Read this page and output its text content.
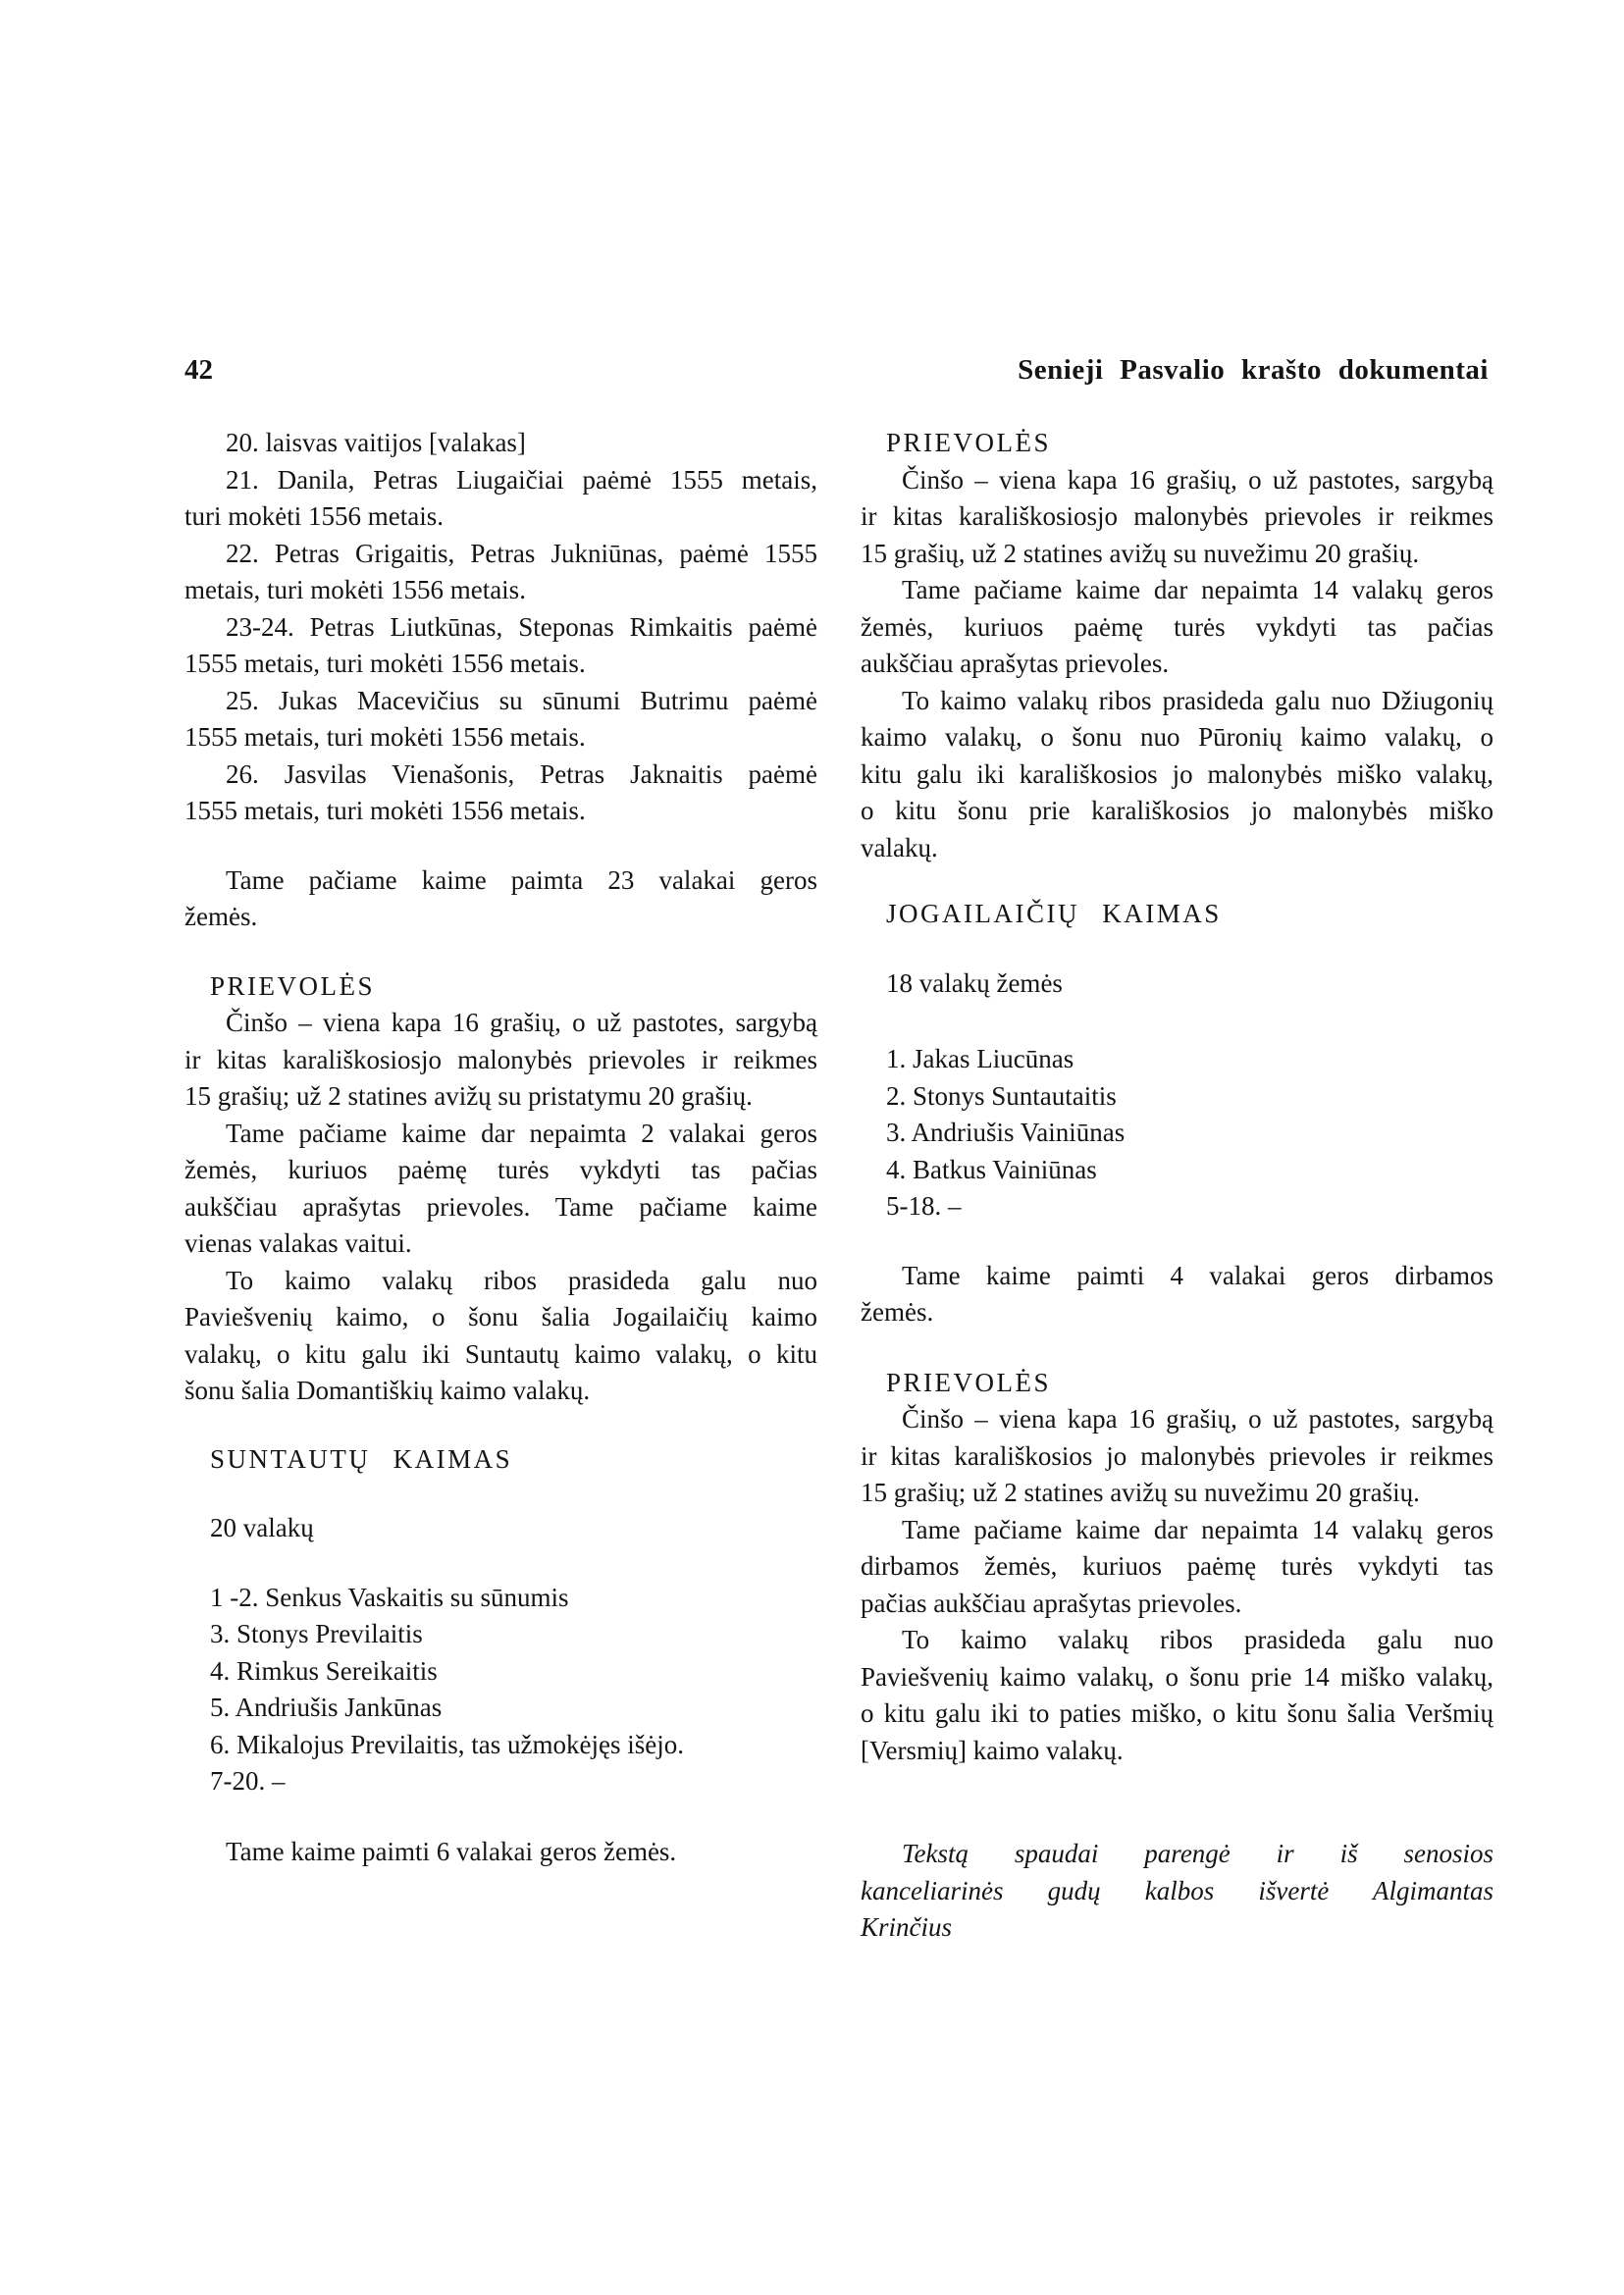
42	Senieji Pasvalio krašto dokumentai
20. laisvas vaitijos [valakas]
21. Danila, Petras Liugaičiai paėmė 1555 metais,
turi mokėti 1556 metais.
22. Petras Grigaitis, Petras Jukniūnas, paėmė 1555
metais, turi mokėti 1556 metais.
23-24. Petras Liutkūnas, Steponas Rimkaitis paėmė
1555 metais, turi mokėti 1556 metais.
25. Jukas Macevičius su sūnumi Butrimu paėmė
1555 metais, turi mokėti 1556 metais.
26. Jasvilas Vienašonis, Petras Jaknaitis paėmė
1555 metais, turi mokėti 1556 metais.
Tame pačiame kaime paimta 23 valakai geros
žemės.
PRIEVOLĖS
Činšo – viena kapa 16 grašių, o už pastotes, sargybą
ir kitas karališkosiosjo malonybės prievoles ir reikmes
15 grašių; už 2 statines avižų su pristatymu 20 grašių.
Tame pačiame kaime dar nepaimta 2 valakai geros
žemės, kuriuos paėmę turės vykdyti tas pačias
aukščiau aprašytas prievoles. Tame pačiame kaime
vienas valakas vaitui.
To kaimo valakų ribos prasideda galu nuo
Paviešvenių kaimo, o šonu šalia Jogailaičių kaimo
valakų, o kitu galu iki Suntautų kaimo valakų, o kitu
šonu šalia Domantiškių kaimo valakų.
SUNTAUTŲ KAIMAS
20 valakų
1 -2. Senkus Vaskaitis su sūnumis
3. Stonys Previlaitis
4. Rimkus Sereikaitis
5. Andriušis Jankūnas
6. Mikalojus Previlaitis, tas užmokėjęs išėjo.
7-20. –
Tame kaime paimti 6 valakai geros žemės.
PRIEVOLĖS
Činšo – viena kapa 16 grašių, o už pastotes, sargybą
ir kitas karališkosiosjo malonybės prievoles ir reikmes
15 grašių, už 2 statines avižų su nuvežimu 20 grašių.
Tame pačiame kaime dar nepaimta 14 valakų geros
žemės, kuriuos paėmę turės vykdyti tas pačias
aukščiau aprašytas prievoles.
To kaimo valakų ribos prasideda galu nuo Džiugonių
kaimo valakų, o šonu nuo Pūronių kaimo valakų, o
kitu galu iki karališkosios jo malonybės miško valakų,
o kitu šonu prie karališkosios jo malonybės miško
valakų.
JOGAILAIČIŲ KAIMAS
18 valakų žemės
1. Jakas Liucūnas
2. Stonys Suntautaitis
3. Andriušis Vainiūnas
4. Batkus Vainiūnas
5-18. –
Tame kaime paimti 4 valakai geros dirbamos
žemės.
PRIEVOLĖS
Činšo – viena kapa 16 grašių, o už pastotes, sargybą
ir kitas karališkosios jo malonybės prievoles ir reikmes
15 grašių; už 2 statines avižų su nuvežimu 20 grašių.
Tame pačiame kaime dar nepaimta 14 valakų geros
dirbamos žemės, kuriuos paėmę turės vykdyti tas
pačias aukščiau aprašytas prievoles.
To kaimo valakų ribos prasideda galu nuo
Paviešvenių kaimo valakų, o šonu prie 14 miško valakų,
o kitu galu iki to paties miško, o kitu šonu šalia Veršmių
[Versmių] kaimo valakų.
Tekstą spaudai parengė ir iš senosios
kanceliarinės gudų kalbos išvertė Algimantas
Krinčius
